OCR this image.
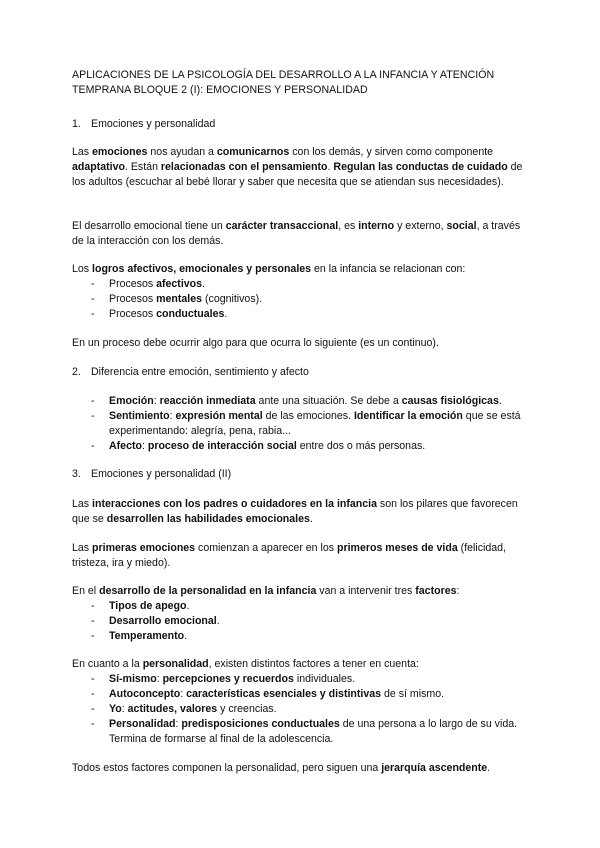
APLICACIONES DE LA PSICOLOGÍA DEL DESARROLLO A LA INFANCIA Y ATENCIÓN TEMPRANA BLOQUE 2 (I): EMOCIONES Y PERSONALIDAD

1. Emociones y personalidad

Las emociones nos ayudan a comunicarnos con los demás, y sirven como componente adaptativo. Están relacionadas con el pensamiento. Regulan las conductas de cuidado de los adultos (escuchar al bebé llorar y saber que necesita que se atiendan sus necesidades).

El desarrollo emocional tiene un carácter transaccional, es interno y externo, social, a través de la interacción con los demás.

Los logros afectivos, emocionales y personales en la infancia se relacionan con:

- Procesos afectivos.
- Procesos mentales (cognitivos).
- Procesos conductuales.

En un proceso debe ocurrir algo para que ocurra lo siguiente (es un continuo).

2. Diferencia entre emoción, sentimiento y afecto
- Emoción: reacción inmediata ante una situación. Se debe a causas fisiológicas.
- Sentimiento: expresión mental de las emociones. Identificar la emoción que se está experimentando: alegría, pena, rabia...
- Afecto: proceso de interacción social entre dos o más personas.
3. Emociones y personalidad (II)

Las interacciones con los padres o cuidadores en la infancia son los pilares que favorecen que se desarrollen las habilidades emocionales.

Las primeras emociones comienzan a aparecer en los primeros meses de vida (felicidad, tristeza, ira y miedo).

En el desarrollo de la personalidad en la infancia van a intervenir tres factores:

- Tipos de apego.
- Desarrollo emocional.
- Temperamento.

En cuanto a la personalidad, existen distintos factores a tener en cuenta:

- Sí-mismo: percepciones y recuerdos individuales.
- Autoconcepto: características esenciales y distintivas de sí mismo.
- Yo: actitudes, valores y creencias.
- Personalidad: predisposiciones conductuales de una persona a lo largo de su vida. Termina de formarse al final de la adolescencia.

Todos estos factores componen la personalidad, pero siguen una jerarquía ascendente.
